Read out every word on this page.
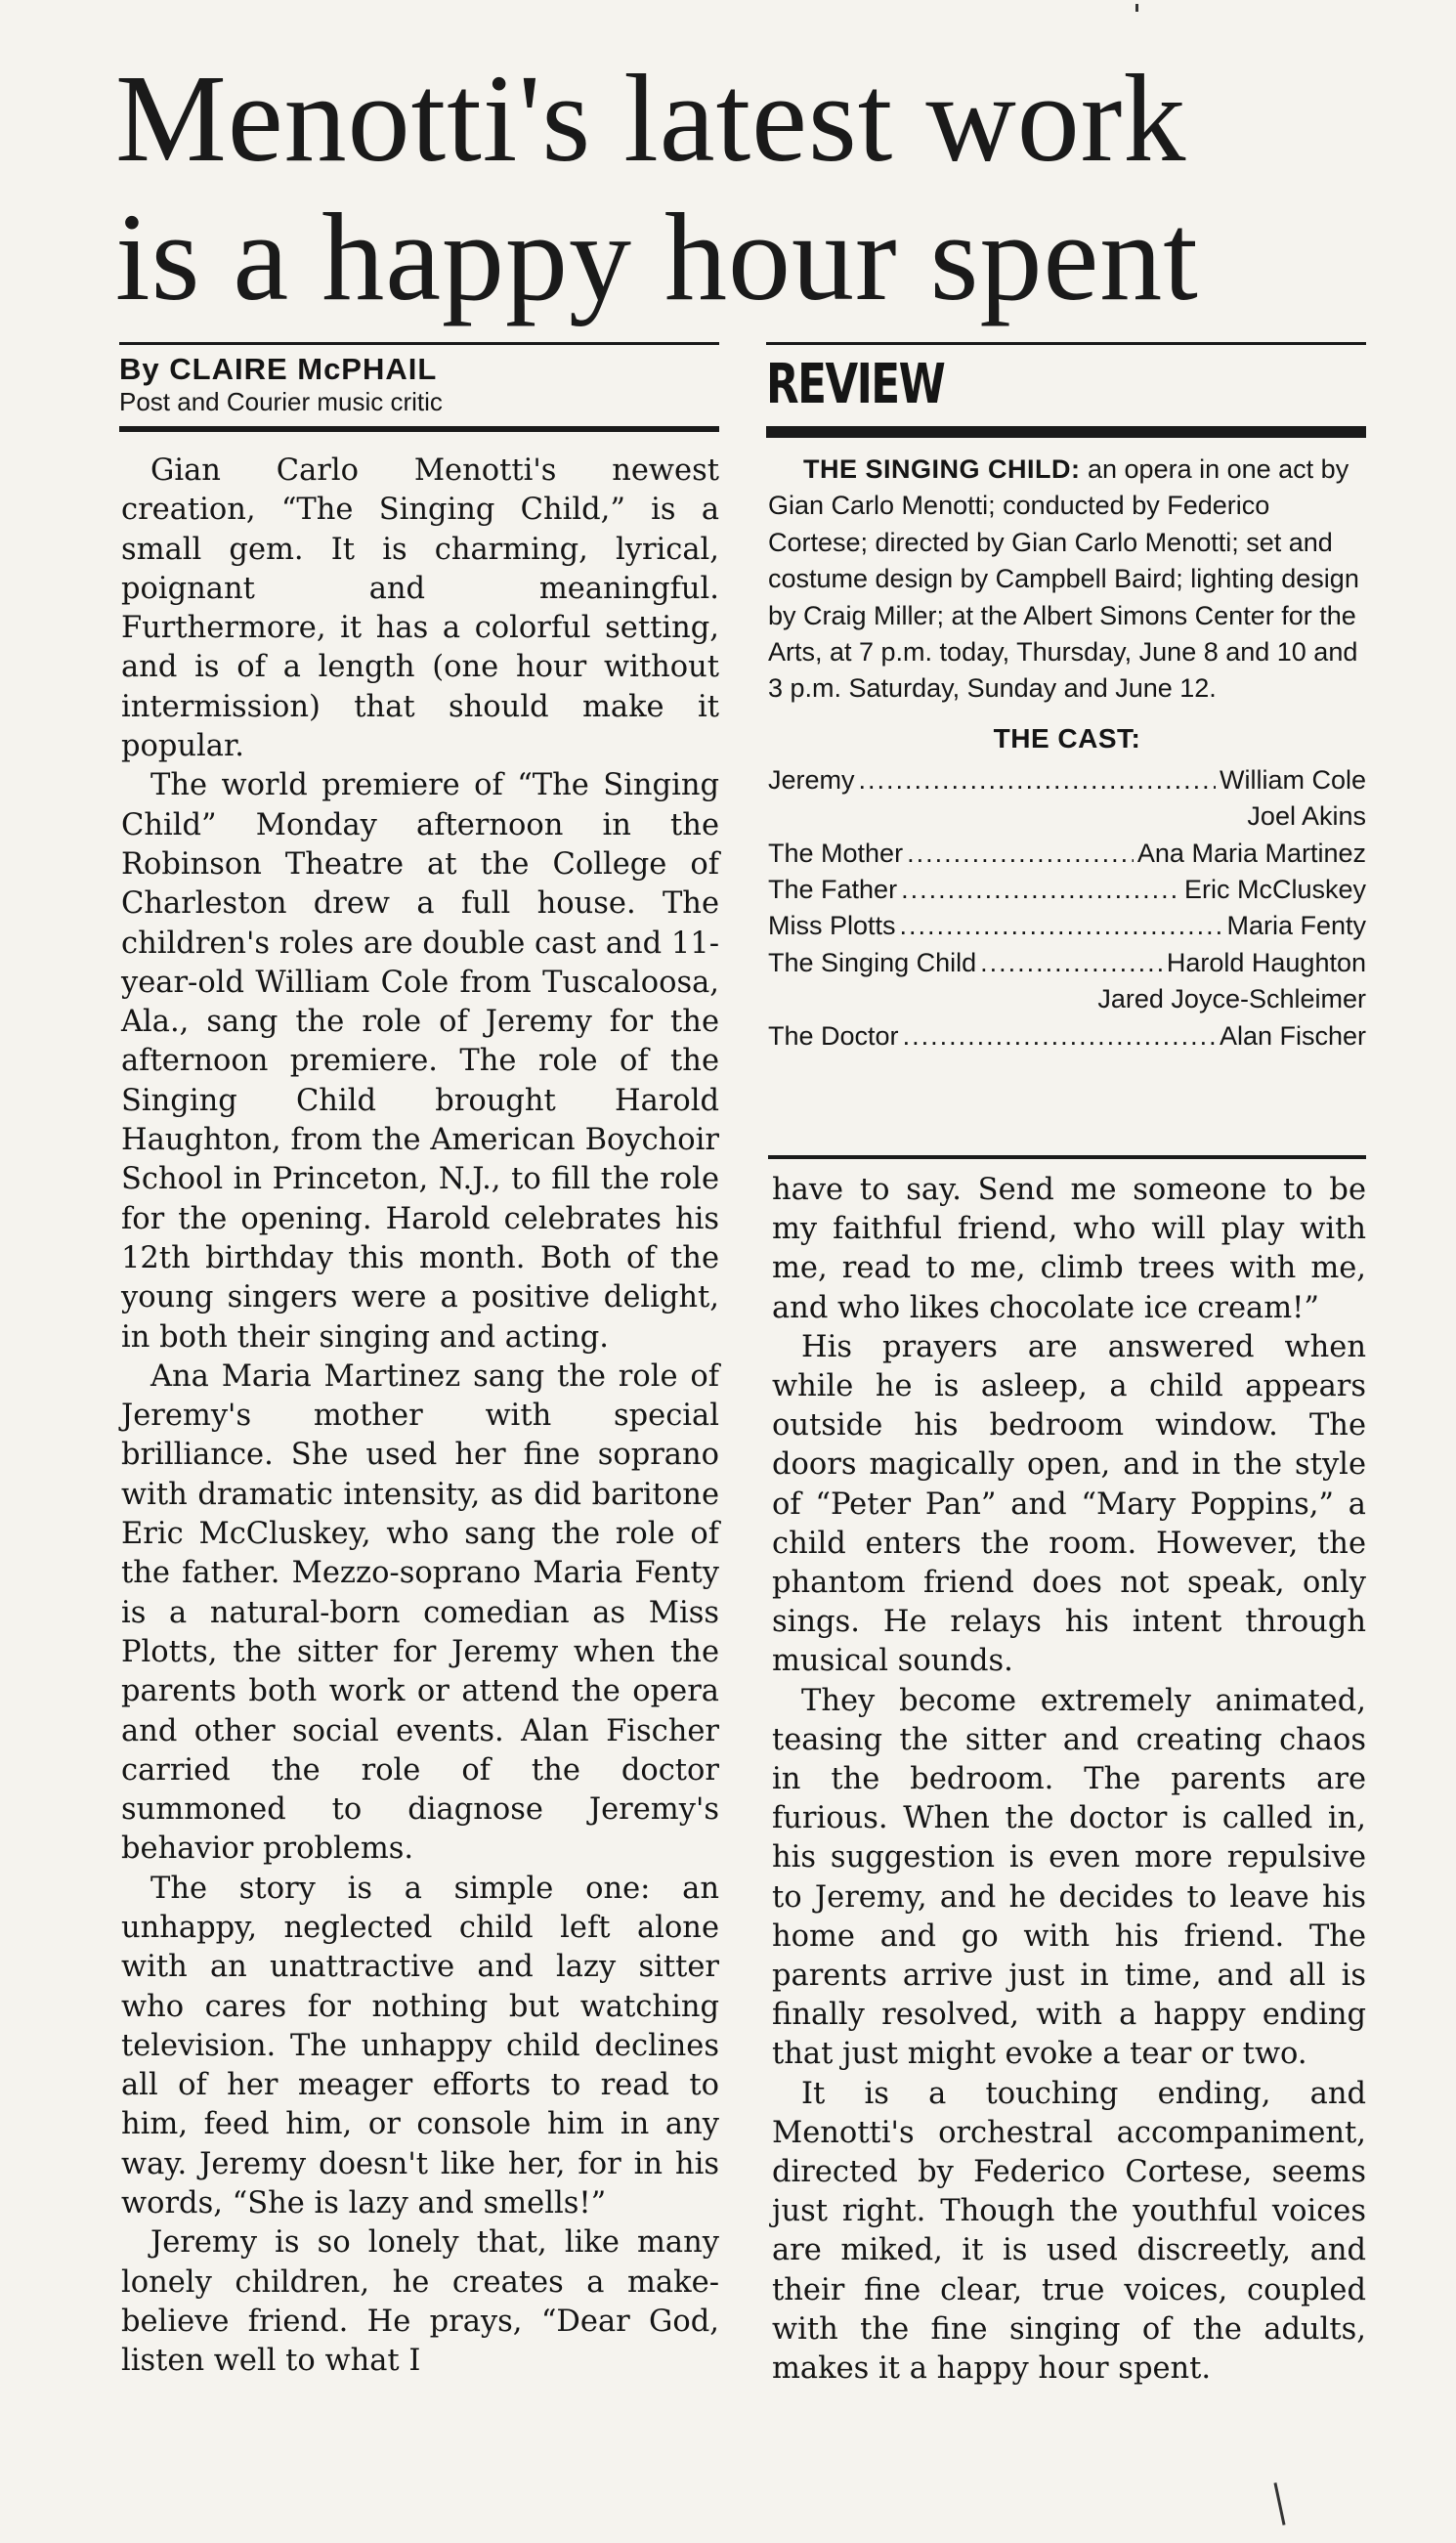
Menotti's latest work
is a happy hour spent
By CLAIRE McPHAIL
Post and Courier music critic	REVIEW

Gian Carlo Menotti's newest creation, “The Singing Child,” is a small gem. It is charming, lyrical, poignant and meaningful. Furthermore, it has a colorful setting, and is of a length (one hour without intermission) that should make it popular.

The world premiere of “The Singing Child” Monday afternoon in the Robinson Theatre at the College of Charleston drew a full house. The children's roles are double cast and 11-year-old William Cole from Tuscaloosa, Ala., sang the role of Jeremy for the afternoon premiere. The role of the Singing Child brought Harold Haughton, from the American Boychoir School in Princeton, N.J., to fill the role for the opening. Harold celebrates his 12th birthday this month. Both of the young singers were a positive delight, in both their singing and acting.

Ana Maria Martinez sang the role of Jeremy's mother with special brilliance. She used her fine soprano with dramatic intensity, as did baritone Eric McCluskey, who sang the role of the father. Mezzo-soprano Maria Fenty is a natural-born comedian as Miss Plotts, the sitter for Jeremy when the parents both work or attend the opera and other social events. Alan Fischer carried the role of the doctor summoned to diagnose Jeremy's behavior problems.

The story is a simple one: an unhappy, neglected child left alone with an unattractive and lazy sitter who cares for nothing but watching television. The unhappy child declines all of her meager efforts to read to him, feed him, or console him in any way. Jeremy doesn't like her, for in his words, “She is lazy and smells!”

Jeremy is so lonely that, like many lonely children, he creates a make-believe friend. He prays, “Dear God, listen well to what I

THE SINGING CHILD: an opera in one act by Gian Carlo Menotti; conducted by Federico Cortese; directed by Gian Carlo Menotti; set and costume design by Campbell Baird; lighting design by Craig Miller; at the Albert Simons Center for the Arts, at 7 p.m. today, Thursday, June 8 and 10 and 3 p.m. Saturday, Sunday and June 12.
THE CAST:
Jeremy .....	William Cole
Joel Akins
The Mother .....	Ana Maria Martinez
The Father .....	Eric McCluskey
Miss Plotts .....	Maria Fenty
The Singing Child .....	Harold Haughton
Jared Joyce-Schleimer
The Doctor .....	Alan Fischer

have to say. Send me someone to be my faithful friend, who will play with me, read to me, climb trees with me, and who likes chocolate ice cream!”

His prayers are answered when while he is asleep, a child appears outside his bedroom window. The doors magically open, and in the style of “Peter Pan” and “Mary Poppins,” a child enters the room. However, the phantom friend does not speak, only sings. He relays his intent through musical sounds.

They become extremely animated, teasing the sitter and creating chaos in the bedroom. The parents are furious. When the doctor is called in, his suggestion is even more repulsive to Jeremy, and he decides to leave his home and go with his friend. The parents arrive just in time, and all is finally resolved, with a happy ending that just might evoke a tear or two.

It is a touching ending, and Menotti's orchestral accompaniment, directed by Federico Cortese, seems just right. Though the youthful voices are miked, it is used discreetly, and their fine clear, true voices, coupled with the fine singing of the adults, makes it a happy hour spent.
